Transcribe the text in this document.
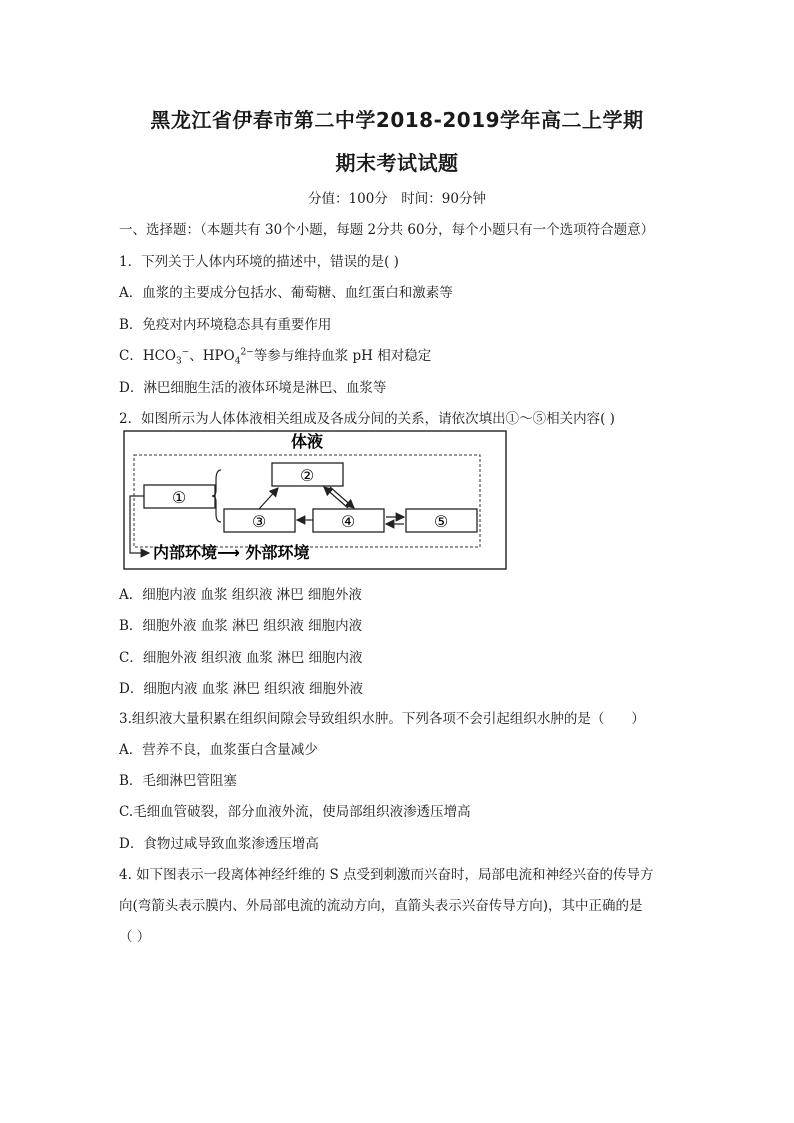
黑龙江省伊春市第二中学2018-2019学年高二上学期
期末考试试题
分值：100分　时间：90分钟
一、选择题：（本题共有 30个小题，每题 2分共 60分，每个小题只有一个选项符合题意）
1．下列关于人体内环境的描述中，错误的是( )
A．血浆的主要成分包括水、葡萄糖、血红蛋白和激素等
B．免疫对内环境稳态具有重要作用
C．$HCO_3^-$、$HPO_4^{2-}$等参与维持血浆 pH 相对稳定
D．淋巴细胞生活的液体环境是淋巴、血浆等
2．如图所示为人体体液相关组成及各成分间的关系，请依次填出①～⑤相关内容( )
体液
①
②
③	④	⑤
内部环境⟶ 外部环境
A．细胞内液 血浆 组织液 淋巴 细胞外液
B．细胞外液 血浆 淋巴 组织液 细胞内液
C．细胞外液 组织液 血浆 淋巴 细胞内液
D．细胞内液 血浆 淋巴 组织液 细胞外液
3.组织液大量积累在组织间隙会导致组织水肿。下列各项不会引起组织水肿的是（　　）
A．营养不良，血浆蛋白含量减少
B．毛细淋巴管阻塞
C.毛细血管破裂，部分血液外流，使局部组织液渗透压增高
D．食物过咸导致血浆渗透压增高
4. 如下图表示一段离体神经纤维的 S 点受到刺激而兴奋时，局部电流和神经兴奋的传导方
向(弯箭头表示膜内、外局部电流的流动方向，直箭头表示兴奋传导方向)，其中正确的是
（ ）
